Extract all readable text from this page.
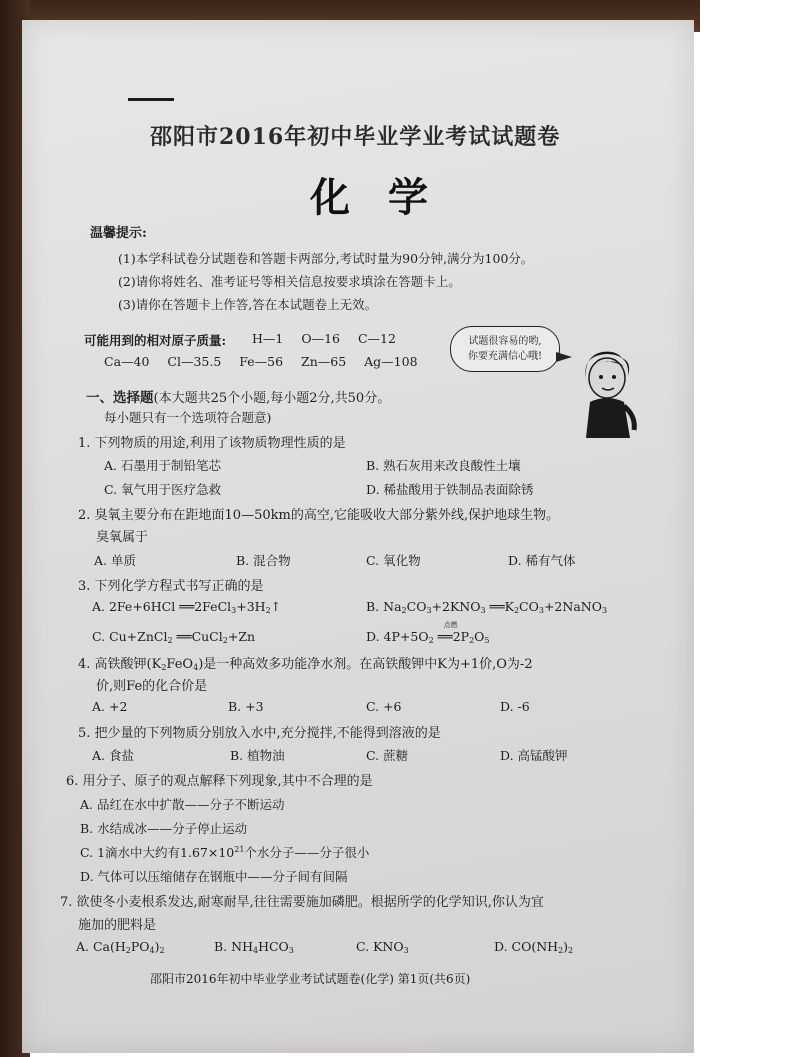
邵阳市2016年初中毕业学业考试试题卷
化学
温馨提示:
(1)本学科试卷分试题卷和答题卡两部分,考试时量为90分钟,满分为100分。
(2)请你将姓名、准考证号等相关信息按要求填涂在答题卡上。
(3)请你在答题卡上作答,答在本试题卷上无效。
可能用到的相对原子质量: H—1 O—16 C—12
Ca—40 Cl—35.5 Fe—56 Zn—65 Ag—108
试题很容易的哟,
你要充满信心哦!
一、选择题(本大题共25个小题,每小题2分,共50分。
每小题只有一个选项符合题意)
1. 下列物质的用途,利用了该物质物理性质的是
A. 石墨用于制铅笔芯	B. 熟石灰用来改良酸性土壤
C. 氧气用于医疗急救	D. 稀盐酸用于铁制品表面除锈
2. 臭氧主要分布在距地面10—50km的高空,它能吸收大部分紫外线,保护地球生物。
臭氧属于
A. 单质	B. 混合物	C. 氧化物	D. 稀有气体
3. 下列化学方程式书写正确的是
A. 2Fe+6HCl $══2FeCl_3+3H_2↑$	B. $Na_2CO_3+2KNO_3$ $══K_2CO_3+2NaNO_3$
C. Cu+ZnCl$_2$ ══CuCl$_2$+Zn	D. $4P+5O_2$
点燃
$══2P_2O_5$
4. 高铁酸钾$(K_2FeO_4)$是一种高效多功能净水剂。在高铁酸钾中K为+1价,O为-2
价,则Fe的化合价是
A. +2	B. +3	C. +6	D. -6
5. 把少量的下列物质分别放入水中,充分搅拌,不能得到溶液的是
A. 食盐	B. 植物油	C. 蔗糖	D. 高锰酸钾
6. 用分子、原子的观点解释下列现象,其中不合理的是
A. 品红在水中扩散——分子不断运动
B. 水结成冰——分子停止运动
C. 1滴水中大约有$1.67\times 10^{21}$个水分子——分子很小
D. 气体可以压缩储存在钢瓶中——分子间有间隔
7. 欲使冬小麦根系发达,耐寒耐旱,往往需要施加磷肥。根据所学的化学知识,你认为宜
施加的肥料是
A. $Ca(H_2PO_4)_2$	B. $NH_4HCO_3$	C. $KNO_3$	D. $CO(NH_2)_2$
邵阳市2016年初中毕业学业考试试题卷(化学) 第1页(共6页)
